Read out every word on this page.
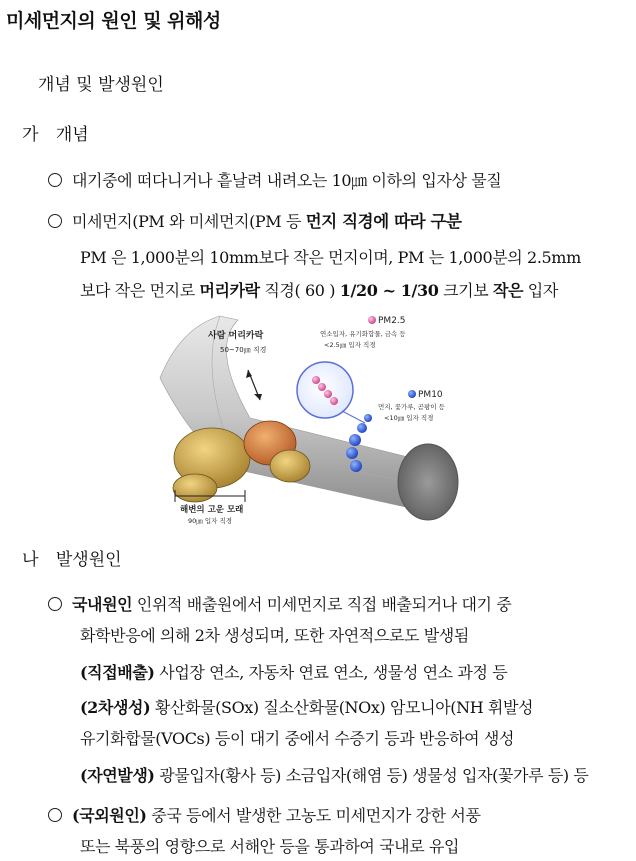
미세먼지의 원인 및 위해성
개념 및 발생원인
가 개념
대기중에 떠다니거나 흩날려 내려오는 10㎛ 이하의 입자상 물질
미세먼지(PM 와 미세먼지(PM 등 먼지 직경에 따라 구분
PM 은 1,000분의 10mm보다 작은 먼지이며, PM 는 1,000분의 2.5mm
보다 작은 먼지로 머리카락 직경( 60 ) 1/20 ~ 1/30 크기보 작은 입자
사람 머리카락
50~70㎛ 직경
PM2.5
연소입자, 유기화합물, 금속 등
<2.5㎛ 입자 직경
PM10
먼지, 꽃가루, 곰팡이 등
<10㎛ 입자 직경
해변의 고운 모래
90㎛ 입자 직경
나 발생원인
국내원인 인위적 배출원에서 미세먼지로 직접 배출되거나 대기 중
화학반응에 의해 2차 생성되며, 또한 자연적으로도 발생됨
(직접배출) 사업장 연소, 자동차 연료 연소, 생물성 연소 과정 등
(2차생성) 황산화물(SOx) 질소산화물(NOx) 암모니아(NH 휘발성
유기화합물(VOCs) 등이 대기 중에서 수증기 등과 반응하여 생성
(자연발생) 광물입자(황사 등) 소금입자(해염 등) 생물성 입자(꽃가루 등) 등
(국외원인) 중국 등에서 발생한 고농도 미세먼지가 강한 서풍
또는 북풍의 영향으로 서해안 등을 통과하여 국내로 유입
